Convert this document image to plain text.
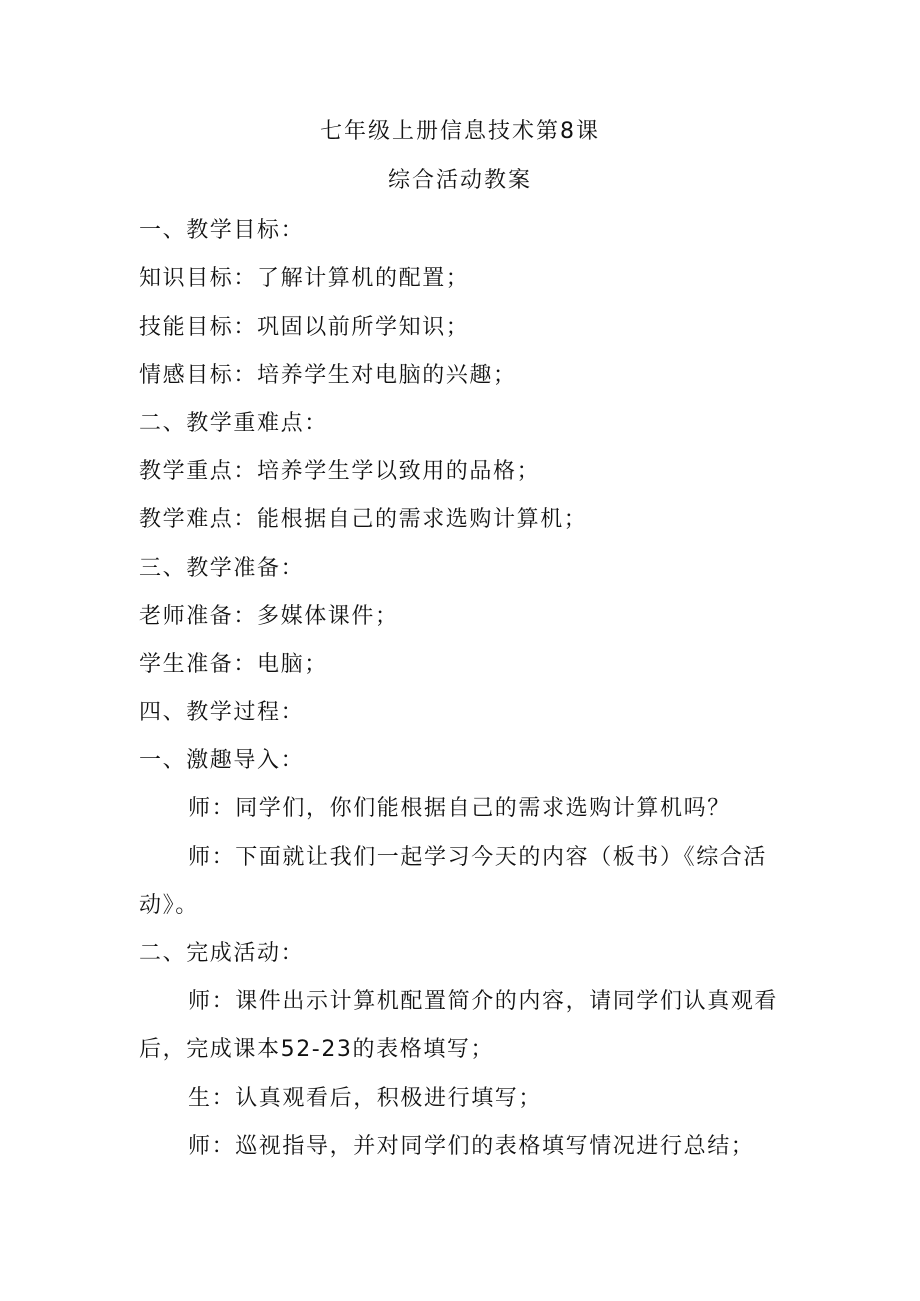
七年级上册信息技术第8课
综合活动教案
一、教学目标：
知识目标：了解计算机的配置；
技能目标：巩固以前所学知识；
情感目标：培养学生对电脑的兴趣；
二、教学重难点：
教学重点：培养学生学以致用的品格；
教学难点：能根据自己的需求选购计算机；
三、教学准备：
老师准备：多媒体课件；
学生准备：电脑；
四、教学过程：
一、激趣导入：
师：同学们，你们能根据自己的需求选购计算机吗？
师：下面就让我们一起学习今天的内容（板书）《综合活
动》。
二、完成活动：
师：课件出示计算机配置简介的内容，请同学们认真观看
后，完成课本52-23的表格填写；
生：认真观看后，积极进行填写；
师：巡视指导，并对同学们的表格填写情况进行总结；
